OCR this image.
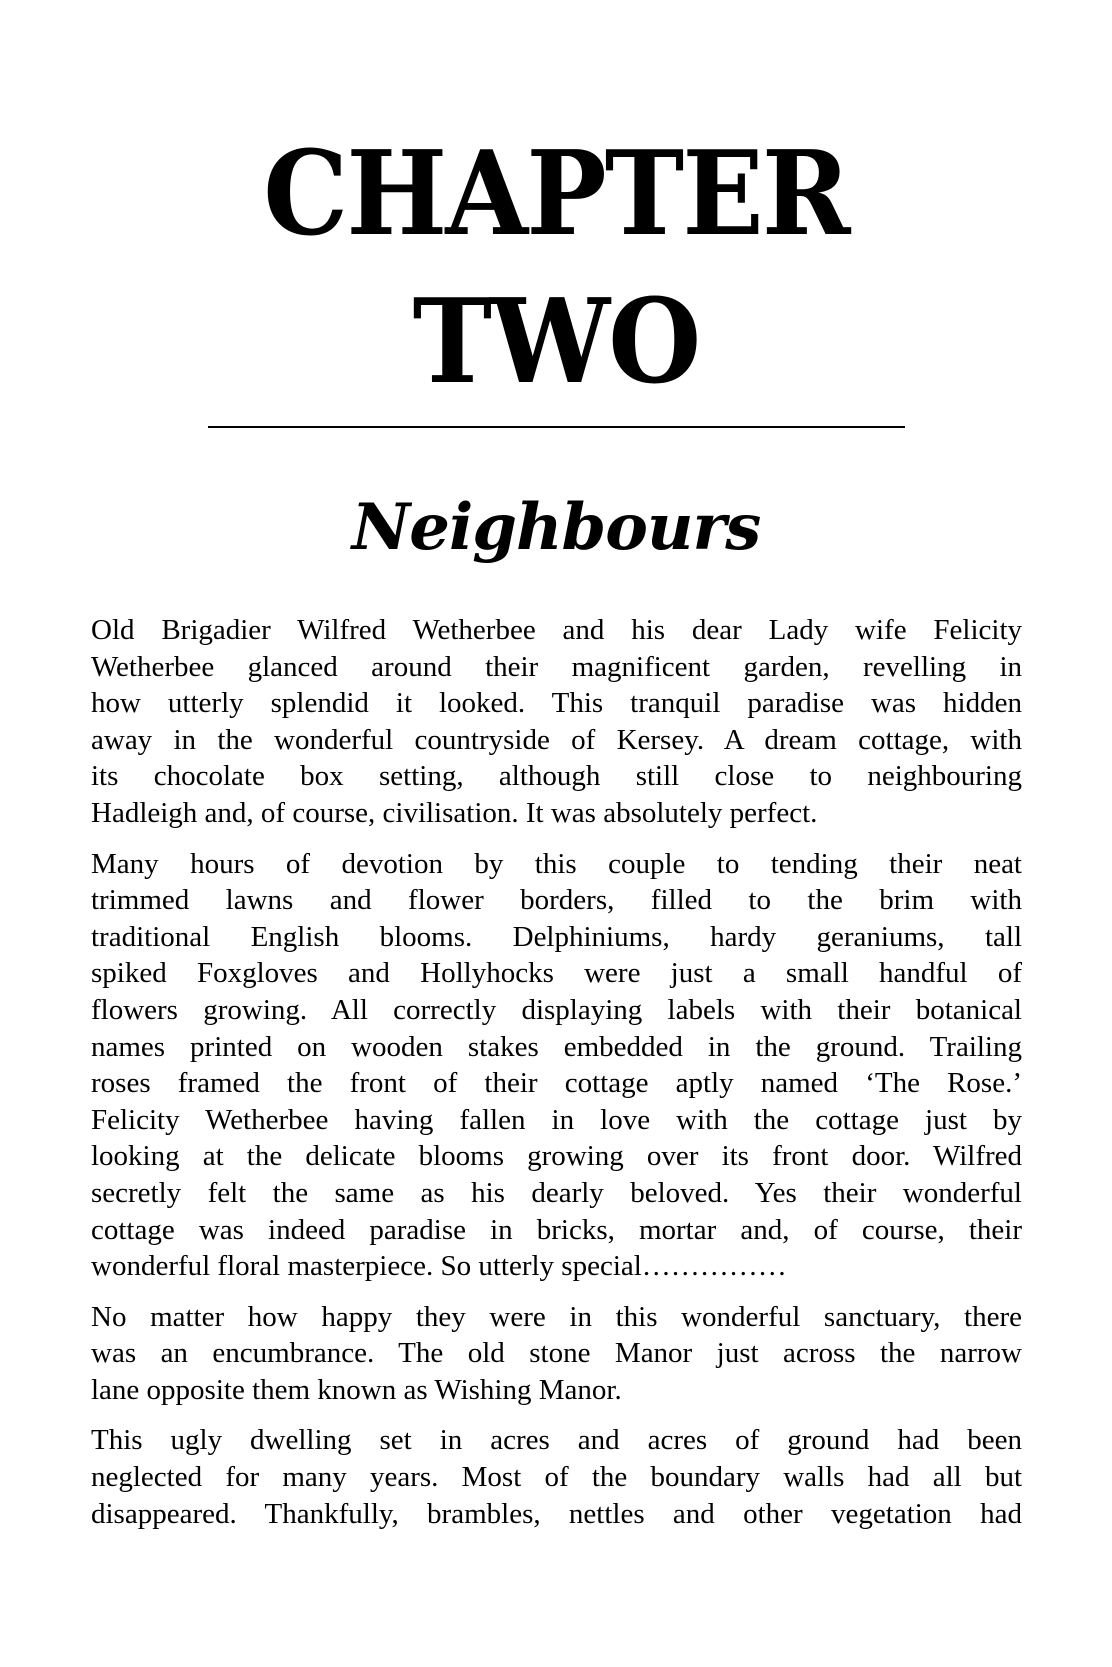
CHAPTER
TWO
Neighbours

Old Brigadier Wilfred Wetherbee and his dear Lady wife Felicity
Wetherbee glanced around their magnificent garden, revelling in
how utterly splendid it looked. This tranquil paradise was hidden
away in the wonderful countryside of Kersey. A dream cottage, with
its chocolate box setting, although still close to neighbouring
Hadleigh and, of course, civilisation. It was absolutely perfect.

Many hours of devotion by this couple to tending their neat
trimmed lawns and flower borders, filled to the brim with
traditional English blooms. Delphiniums, hardy geraniums, tall
spiked Foxgloves and Hollyhocks were just a small handful of
flowers growing. All correctly displaying labels with their botanical
names printed on wooden stakes embedded in the ground. Trailing
roses framed the front of their cottage aptly named ‘The Rose.’
Felicity Wetherbee having fallen in love with the cottage just by
looking at the delicate blooms growing over its front door. Wilfred
secretly felt the same as his dearly beloved. Yes their wonderful
cottage was indeed paradise in bricks, mortar and, of course, their
wonderful floral masterpiece. So utterly special……………

No matter how happy they were in this wonderful sanctuary, there
was an encumbrance. The old stone Manor just across the narrow
lane opposite them known as Wishing Manor.

This ugly dwelling set in acres and acres of ground had been
neglected for many years. Most of the boundary walls had all but
disappeared. Thankfully, brambles, nettles and other vegetation had
